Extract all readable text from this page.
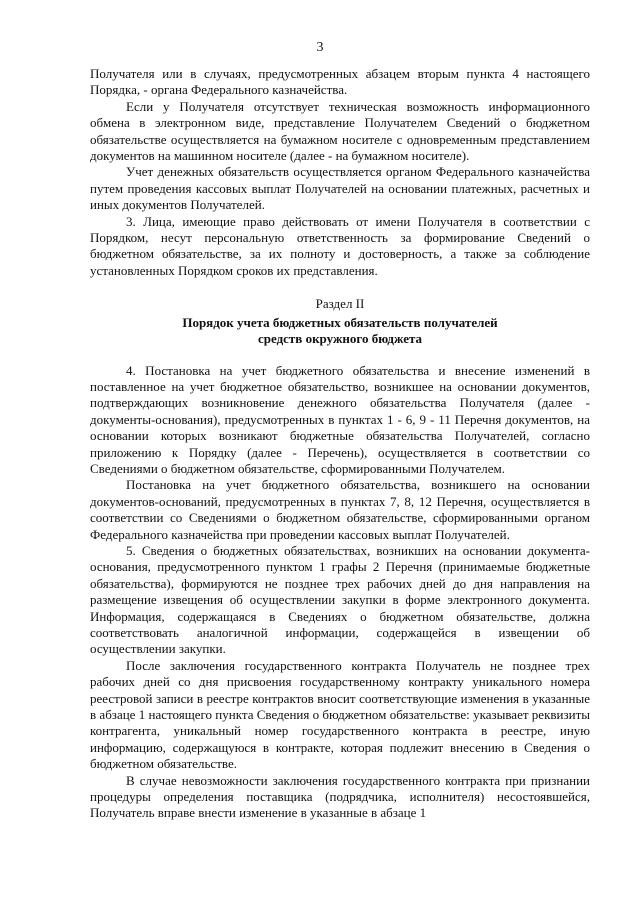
3

Получателя или в случаях, предусмотренных абзацем вторым пункта 4 настоящего Порядка, - органа Федерального казначейства.

Если у Получателя отсутствует техническая возможность информационного обмена в электронном виде, представление Получателем Сведений о бюджетном обязательстве осуществляется на бумажном носителе с одновременным представлением документов на машинном носителе (далее - на бумажном носителе).

Учет денежных обязательств осуществляется органом Федерального казначейства путем проведения кассовых выплат Получателей на основании платежных, расчетных и иных документов Получателей.

3. Лица, имеющие право действовать от имени Получателя в соответствии с Порядком, несут персональную ответственность за формирование Сведений о бюджетном обязательстве, за их полноту и достоверность, а также за соблюдение установленных Порядком сроков их представления.

Раздел II
Порядок учета бюджетных обязательств получателей
средств окружного бюджета

4. Постановка на учет бюджетного обязательства и внесение изменений в поставленное на учет бюджетное обязательство, возникшее на основании документов, подтверждающих возникновение денежного обязательства Получателя (далее - документы-основания), предусмотренных в пунктах 1 - 6, 9 - 11 Перечня документов, на основании которых возникают бюджетные обязательства Получателей, согласно приложению к Порядку (далее - Перечень), осуществляется в соответствии со Сведениями о бюджетном обязательстве, сформированными Получателем.

Постановка на учет бюджетного обязательства, возникшего на основании документов-оснований, предусмотренных в пунктах 7, 8, 12 Перечня, осуществляется в соответствии со Сведениями о бюджетном обязательстве, сформированными органом Федерального казначейства при проведении кассовых выплат Получателей.

5. Сведения о бюджетных обязательствах, возникших на основании документа-основания, предусмотренного пунктом 1 графы 2 Перечня (принимаемые бюджетные обязательства), формируются не позднее трех рабочих дней до дня направления на размещение извещения об осуществлении закупки в форме электронного документа. Информация, содержащаяся в Сведениях о бюджетном обязательстве, должна соответствовать аналогичной информации, содержащейся в извещении об осуществлении закупки.

После заключения государственного контракта Получатель не позднее трех рабочих дней со дня присвоения государственному контракту уникального номера реестровой записи в реестре контрактов вносит соответствующие изменения в указанные в абзаце 1 настоящего пункта Сведения о бюджетном обязательстве: указывает реквизиты контрагента, уникальный номер государственного контракта в реестре, иную информацию, содержащуюся в контракте, которая подлежит внесению в Сведения о бюджетном обязательстве.

В случае невозможности заключения государственного контракта при признании процедуры определения поставщика (подрядчика, исполнителя) несостоявшейся, Получатель вправе внести изменение в указанные в абзаце 1
